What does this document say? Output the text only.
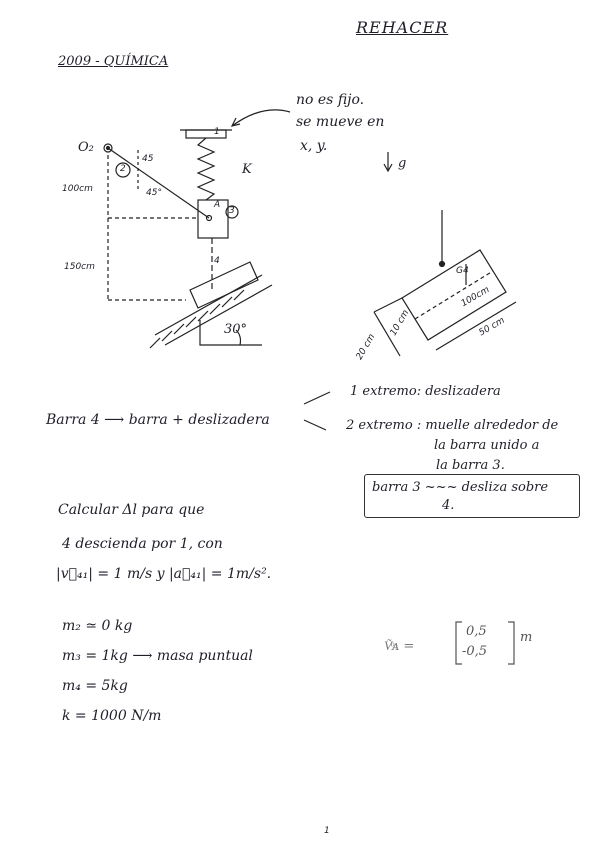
REHACER
2009 - QUÍMICA
no es fijo.
se mueve en
x, y.
g
O₂
2
3
1
K
A
4
45
45°
100cm
150cm
30°
G4
100cm
50 cm
20 cm
10 cm
Barra 4 ⟶ barra + deslizadera
1 extremo: deslizadera
2 extremo : muelle alrededor de
la barra unido a
la barra 3.
barra 3 ~~~ desliza sobre
4.
Calcular Δl para que
4 descienda por 1, con
|v⃗₄₁| = 1 m/s y |a⃗₄₁| = 1m/s².
m₂ ≃ 0 kg
m₃ = 1kg ⟶ masa puntual
m₄ = 5kg
k = 1000 N/m
Ṽͦᴀ =
0,5
-0,5
m
1
